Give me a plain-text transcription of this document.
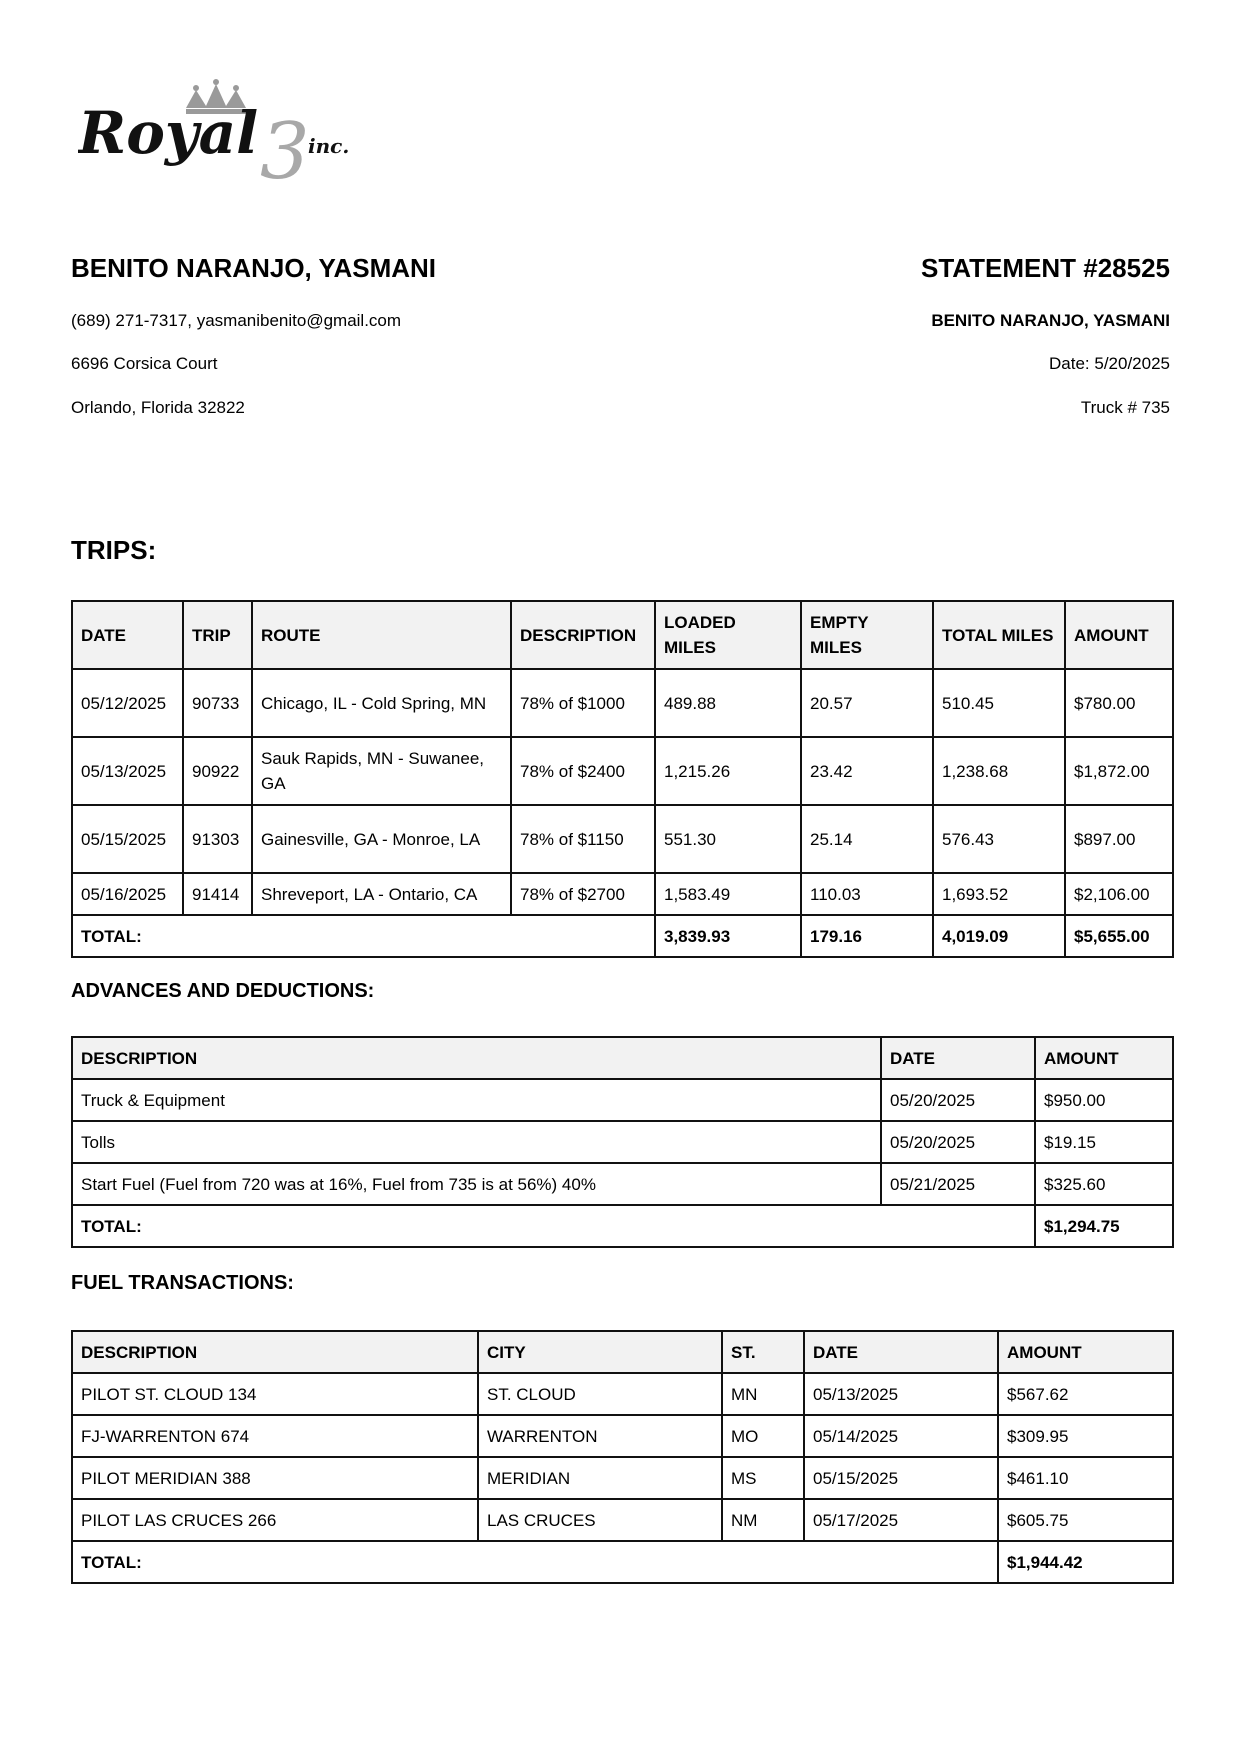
3
Royal inc.
BENITO NARANJO, YASMANI
(689) 271-7317, yasmanibenito@gmail.com
6696 Corsica Court
Orlando, Florida 32822
STATEMENT #28525
BENITO NARANJO, YASMANI
Date: 5/20/2025
Truck # 735
TRIPS:
DATE	TRIP	ROUTE	DESCRIPTION	LOADED MILES	EMPTY MILES	TOTAL MILES	AMOUNT
05/12/2025	90733	Chicago, IL - Cold Spring, MN	78% of $1000	489.88	20.57	510.45	$780.00
05/13/2025	90922	Sauk Rapids, MN - Suwanee, GA	78% of $2400	1,215.26	23.42	1,238.68	$1,872.00
05/15/2025	91303	Gainesville, GA - Monroe, LA	78% of $1150	551.30	25.14	576.43	$897.00
05/16/2025	91414	Shreveport, LA - Ontario, CA	78% of $2700	1,583.49	110.03	1,693.52	$2,106.00
TOTAL:				3,839.93	179.16	4,019.09	$5,655.00
ADVANCES AND DEDUCTIONS:
DESCRIPTION	DATE	AMOUNT
Truck & Equipment	05/20/2025	$950.00
Tolls	05/20/2025	$19.15
Start Fuel (Fuel from 720 was at 16%, Fuel from 735 is at 56%) 40%	05/21/2025	$325.60
TOTAL:		$1,294.75
FUEL TRANSACTIONS:
DESCRIPTION	CITY	ST.	DATE	AMOUNT
PILOT ST. CLOUD 134	ST. CLOUD	MN	05/13/2025	$567.62
FJ-WARRENTON 674	WARRENTON	MO	05/14/2025	$309.95
PILOT MERIDIAN 388	MERIDIAN	MS	05/15/2025	$461.10
PILOT LAS CRUCES 266	LAS CRUCES	NM	05/17/2025	$605.75
TOTAL:				$1,944.42
